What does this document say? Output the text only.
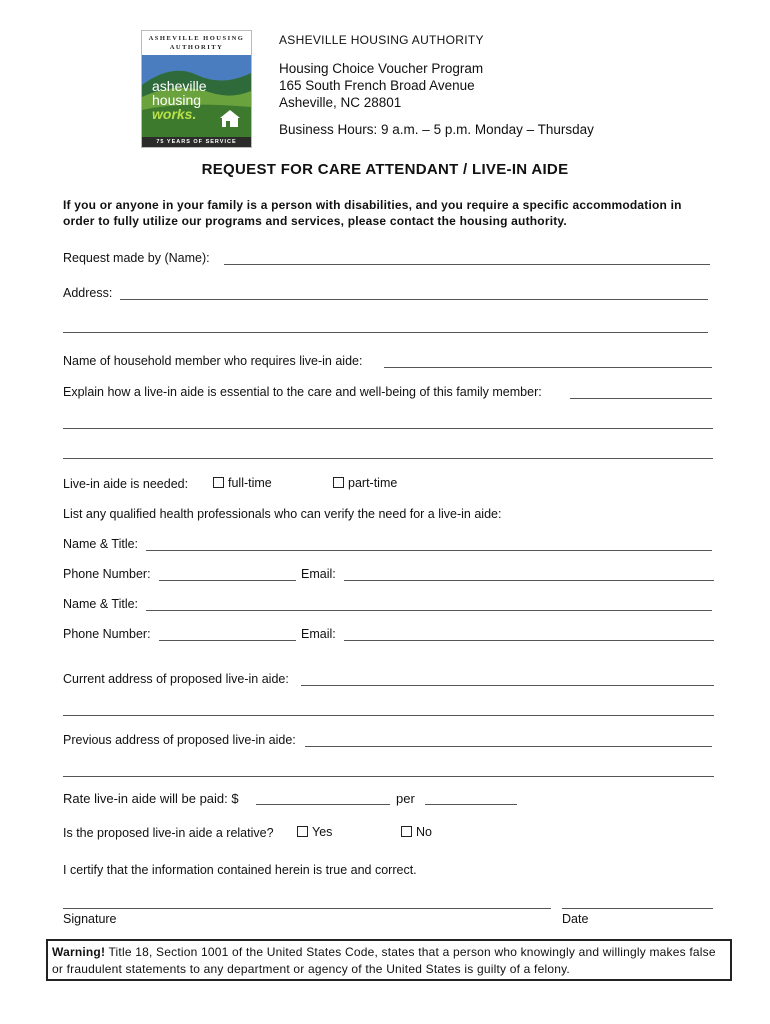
ASHEVILLE HOUSING
AUTHORITY
asheville
housing
works.
75 YEARS OF SERVICE
ASHEVILLE HOUSING AUTHORITY
Housing Choice Voucher Program
165 South French Broad Avenue
Asheville, NC 28801
Business Hours: 9 a.m. – 5 p.m. Monday – Thursday
REQUEST FOR CARE ATTENDANT / LIVE-IN AIDE
If you or anyone in your family is a person with disabilities, and you require a specific accommodation in order to fully utilize our programs and services, please contact the housing authority.
Request made by (Name):
Address:
Name of household member who requires live-in aide:
Explain how a live-in aide is essential to the care and well-being of this family member:
Live-in aide is needed:	full-time	part-time
List any qualified health professionals who can verify the need for a live-in aide:
Name & Title:
Phone Number:	Email:
Name & Title:
Phone Number:	Email:
Current address of proposed live-in aide:
Previous address of proposed live-in aide:
Rate live-in aide will be paid: $	per
Is the proposed live-in aide a relative?	Yes	No
I certify that the information contained herein is true and correct.
Signature	Date
Warning! Title 18, Section 1001 of the United States Code, states that a person who knowingly and willingly makes false or fraudulent statements to any department or agency of the United States is guilty of a felony.
